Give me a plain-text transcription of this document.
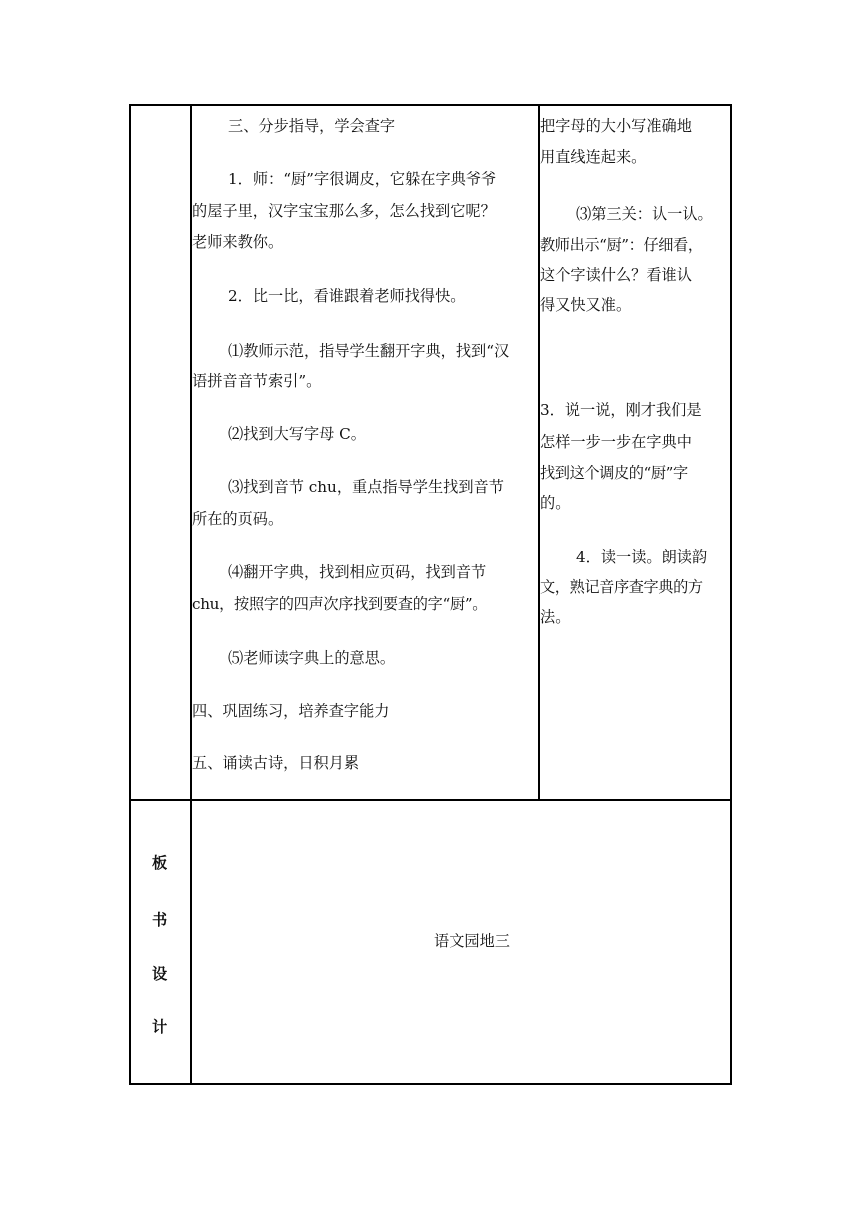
三、分步指导，学会查字

1．师：“厨”字很调皮，它躲在字典爷爷

的屋子里，汉字宝宝那么多，怎么找到它呢？

老师来教你。

2．比一比，看谁跟着老师找得快。

⑴教师示范，指导学生翻开字典，找到“汉

语拼音音节索引”。

⑵找到大写字母 C。

⑶找到音节 chu，重点指导学生找到音节

所在的页码。

⑷翻开字典，找到相应页码，找到音节

chu，按照字的四声次序找到要查的字“厨”。

⑸老师读字典上的意思。

四、巩固练习，培养查字能力

五、诵读古诗，日积月累

把字母的大小写准确地

用直线连起来。

⑶第三关：认一认。

教师出示“厨”：仔细看，

这个字读什么？看谁认

得又快又准。

3．说一说，刚才我们是

怎样一步一步在字典中

找到这个调皮的“厨”字

的。

4．读一读。朗读韵

文，熟记音序查字典的方

法。

板

书

设

计

语文园地三
